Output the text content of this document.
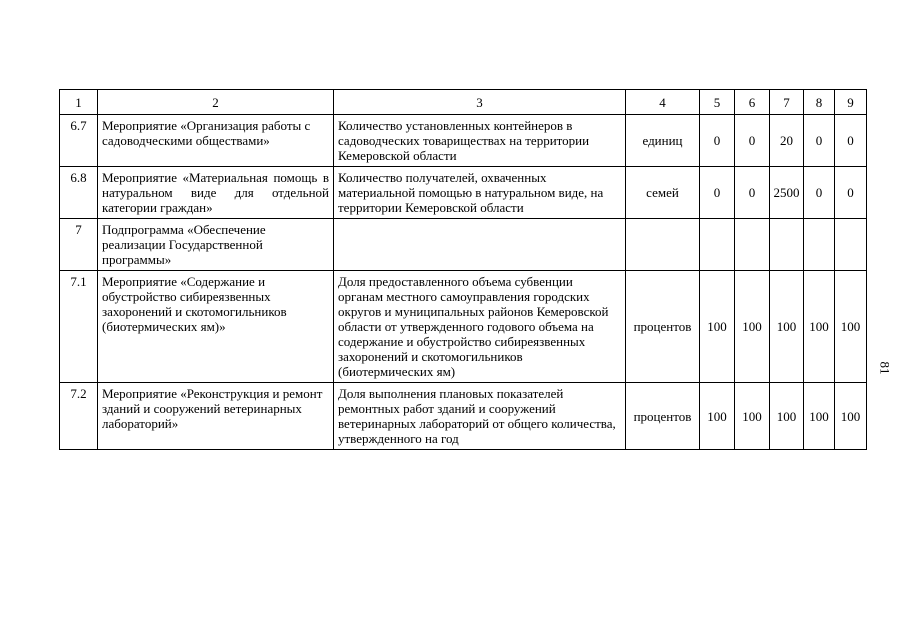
1	2	3	4	5	6	7	8	9
6.7	Мероприятие «Организация работы с садоводческими обществами»	Количество установленных контейнеров в садоводческих товариществах на территории Кемеровской области	единиц	0	0	20	0	0
6.8	Мероприятие «Материальная помощь в натуральном виде для отдельной категории граждан»	Количество получателей, охваченных материальной помощью в натуральном виде, на территории Кемеровской области	семей	0	0	2500	0	0
7	Подпрограмма «Обеспечение реализации Государственной программы»							
7.1	Мероприятие «Содержание и обустройство сибиреязвенных захоронений и скотомогильников (биотермических ям)»	Доля предоставленного объема субвенции органам местного самоуправления городских округов и муниципальных районов Кемеровской области от утвержденного годового объема на содержание и обустройство сибиреязвенных захоронений и скотомогильников (биотермических ям)	процентов	100	100	100	100	100
7.2	Мероприятие «Реконструкция и ремонт зданий и сооружений ветеринарных лабораторий»	Доля выполнения плановых показателей ремонтных работ зданий и сооружений ветеринарных лабораторий от общего количества, утвержденного на год	процентов	100	100	100	100	100
81
